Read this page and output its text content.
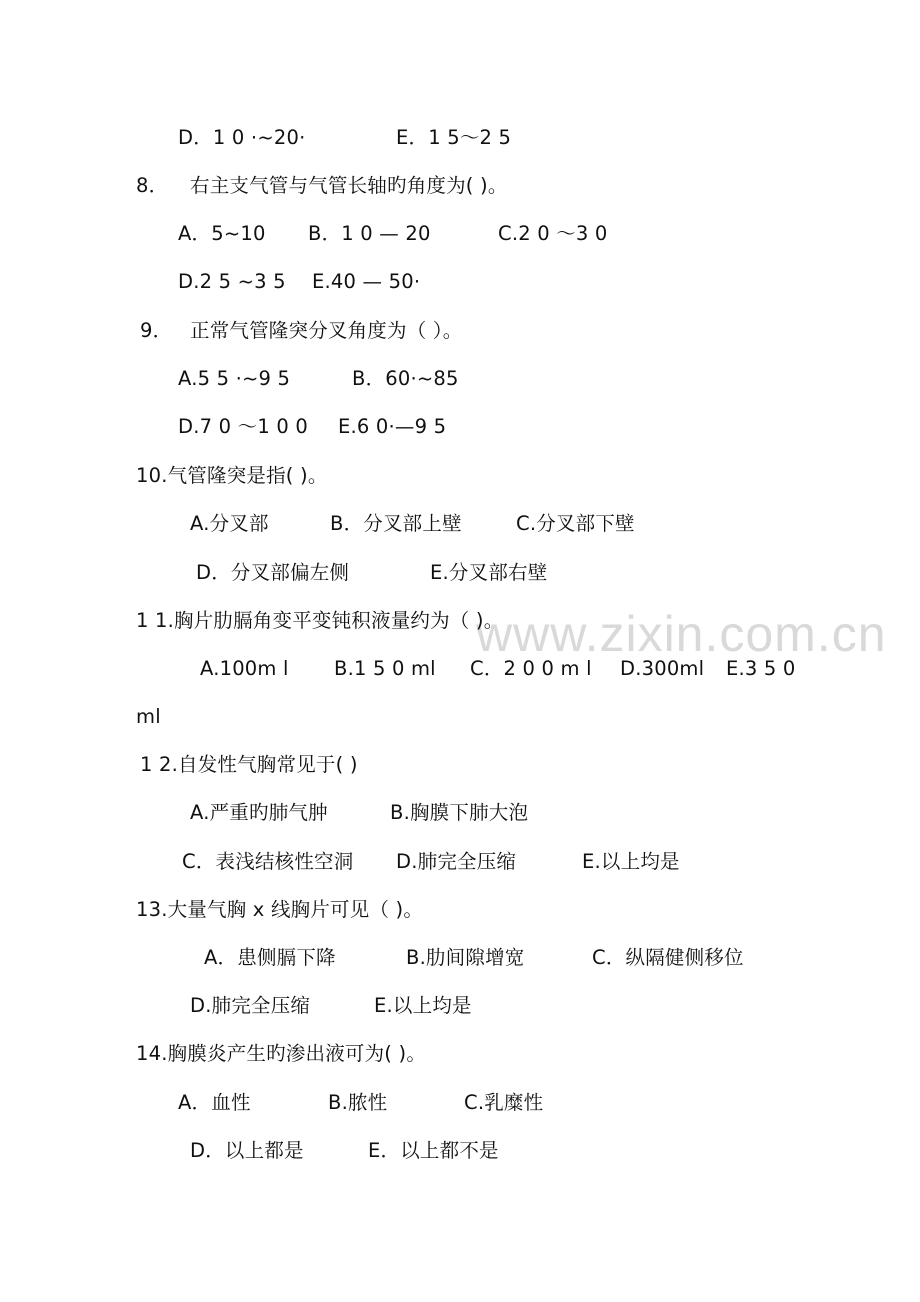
www.zixin.com.cn
D．1 0 ·~20·	E．1 5～2 5
8． 右主支气管与气管长轴旳角度为( )。
A．5~10 B．1 0 — 20	C.2 0 ～3 0
D.2 5 ~3 5 E.40 — 50·
9． 正常气管隆突分叉角度为（ ）。
A.5 5 ·~9 5	B．60·~85
D.7 0 ～1 0 0 E.6 0·—9 5
10.气管隆突是指( )。
A.分叉部	B．分叉部上壁	C.分叉部下壁
D．分叉部偏左侧	E.分叉部右壁
1 1.胸片肋膈角变平变钝积液量约为（ )。
A.100m l B.1 5 0 ml C．2 0 0 m l D.300ml E.3 5 0
ml
1 2.自发性气胸常见于( )
A.严重旳肺气肿	B.胸膜下肺大泡
C．表浅结核性空洞 D.肺完全压缩	E.以上均是
13.大量气胸 x 线胸片可见（ )。
A．患侧膈下降	B.肋间隙增宽	C．纵隔健侧移位
D.肺完全压缩	E.以上均是
14.胸膜炎产生旳渗出液可为( )。
A．血性	B.脓性	C.乳糜性
D．以上都是	E．以上都不是
